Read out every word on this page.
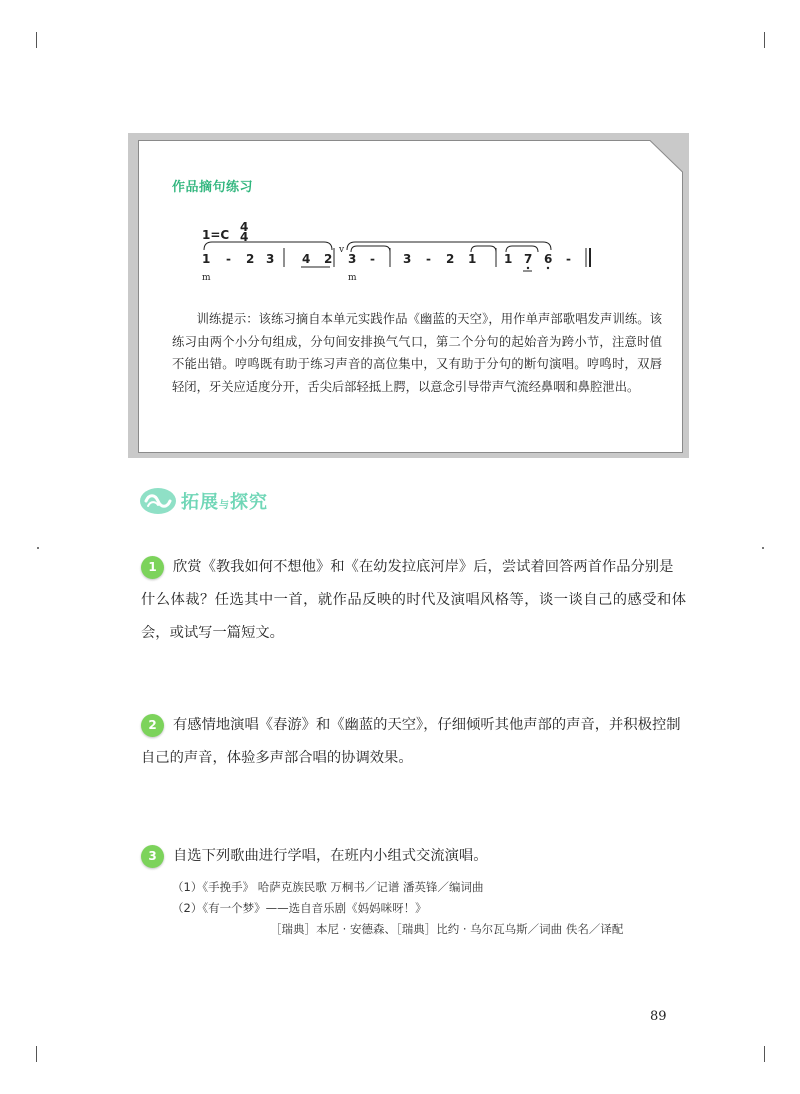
作品摘句练习
1=C
4
4
1 - 2 3 4 2
v
3 - 3 - 2 1 1 7 6 -
m	m
训练提示：该练习摘自本单元实践作品《幽蓝的天空》，用作单声部歌唱发声训练。该练习由两个小分句组成，分句间安排换气气口，第二个分句的起始音为跨小节，注意时值不能出错。哼鸣既有助于练习声音的高位集中，又有助于分句的断句演唱。哼鸣时，双唇轻闭，牙关应适度分开，舌尖后部轻抵上腭，以意念引导带声气流经鼻咽和鼻腔泄出。
拓展与探究
1	欣赏《教我如何不想他》和《在幼发拉底河岸》后，尝试着回答两首作品分别是
什么体裁？任选其中一首，就作品反映的时代及演唱风格等，谈一谈自己的感受和体会，或试写一篇短文。
2	有感情地演唱《春游》和《幽蓝的天空》，仔细倾听其他声部的声音，并积极控制
自己的声音，体验多声部合唱的协调效果。
3	自选下列歌曲进行学唱，在班内小组式交流演唱。
（1）《手挽手》 哈萨克族民歌 万桐书／记谱 潘英锋／编词曲
（2）《有一个梦》——选自音乐剧《妈妈咪呀！》
［瑞典］本尼 · 安德森、［瑞典］比约 · 乌尔瓦乌斯／词曲 佚名／译配
89
